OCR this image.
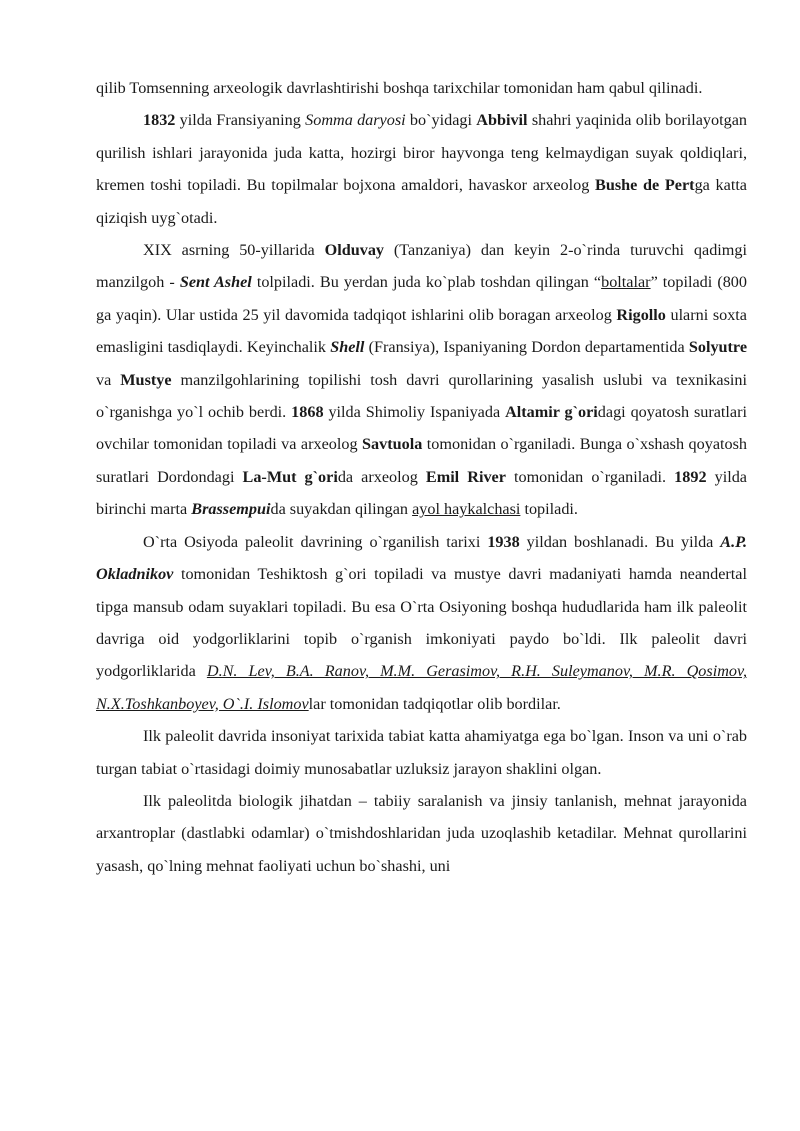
qilib Tomsenning arxeologik davrlashtirishi boshqa tarixchilar tomonidan ham qabul qilinadi.

1832 yilda Fransiyaning Somma daryosi bo`yidagi Abbivil shahri yaqinida olib borilayotgan qurilish ishlari jarayonida juda katta, hozirgi biror hayvonga teng kelmaydigan suyak qoldiqlari, kremen toshi topiladi. Bu topilmalar bojxona amaldori, havaskor arxeolog Bushe de Pertga katta qiziqish uyg`otadi.

XIX asrning 50-yillarida Olduvay (Tanzaniya) dan keyin 2-o`rinda turuvchi qadimgi manzilgoh - Sent Ashel tolpiladi. Bu yerdan juda ko`plab toshdan qilingan “boltalar” topiladi (800 ga yaqin). Ular ustida 25 yil davomida tadqiqot ishlarini olib boragan arxeolog Rigollo ularni soxta emasligini tasdiqlaydi. Keyinchalik Shell (Fransiya), Ispaniyaning Dordon departamentida Solyutre va Mustye manzilgohlarining topilishi tosh davri qurollarining yasalish uslubi va texnikasini o`rganishga yo`l ochib berdi. 1868 yilda Shimoliy Ispaniyada Altamir g`oridagi qoyatosh suratlari ovchilar tomonidan topiladi va arxeolog Savtuola tomonidan o`rganiladi. Bunga o`xshash qoyatosh suratlari Dordondagi La-Mut g`orida arxeolog Emil River tomonidan o`rganiladi. 1892 yilda birinchi marta Brassempuida suyakdan qilingan ayol haykalchasi topiladi.

O`rta Osiyoda paleolit davrining o`rganilish tarixi 1938 yildan boshlanadi. Bu yilda A.P. Okladnikov tomonidan Teshiktosh g`ori topiladi va mustye davri madaniyati hamda neandertal tipga mansub odam suyaklari topiladi. Bu esa O`rta Osiyoning boshqa hududlarida ham ilk paleolit davriga oid yodgorliklarini topib o`rganish imkoniyati paydo bo`ldi. Ilk paleolit davri yodgorliklarida D.N. Lev, B.A. Ranov, M.M. Gerasimov, R.H. Suleymanov, M.R. Qosimov, N.X.Toshkanboyev, O`.I. Islomovlar tomonidan tadqiqotlar olib bordilar.

Ilk paleolit davrida insoniyat tarixida tabiat katta ahamiyatga ega bo`lgan. Inson va uni o`rab turgan tabiat o`rtasidagi doimiy munosabatlar uzluksiz jarayon shaklini olgan.

Ilk paleolitda biologik jihatdan – tabiiy saralanish va jinsiy tanlanish, mehnat jarayonida arxantroplar (dastlabki odamlar) o`tmishdoshlaridan juda uzoqlashib ketadilar. Mehnat qurollarini yasash, qo`lning mehnat faoliyati uchun bo`shashi, uni
